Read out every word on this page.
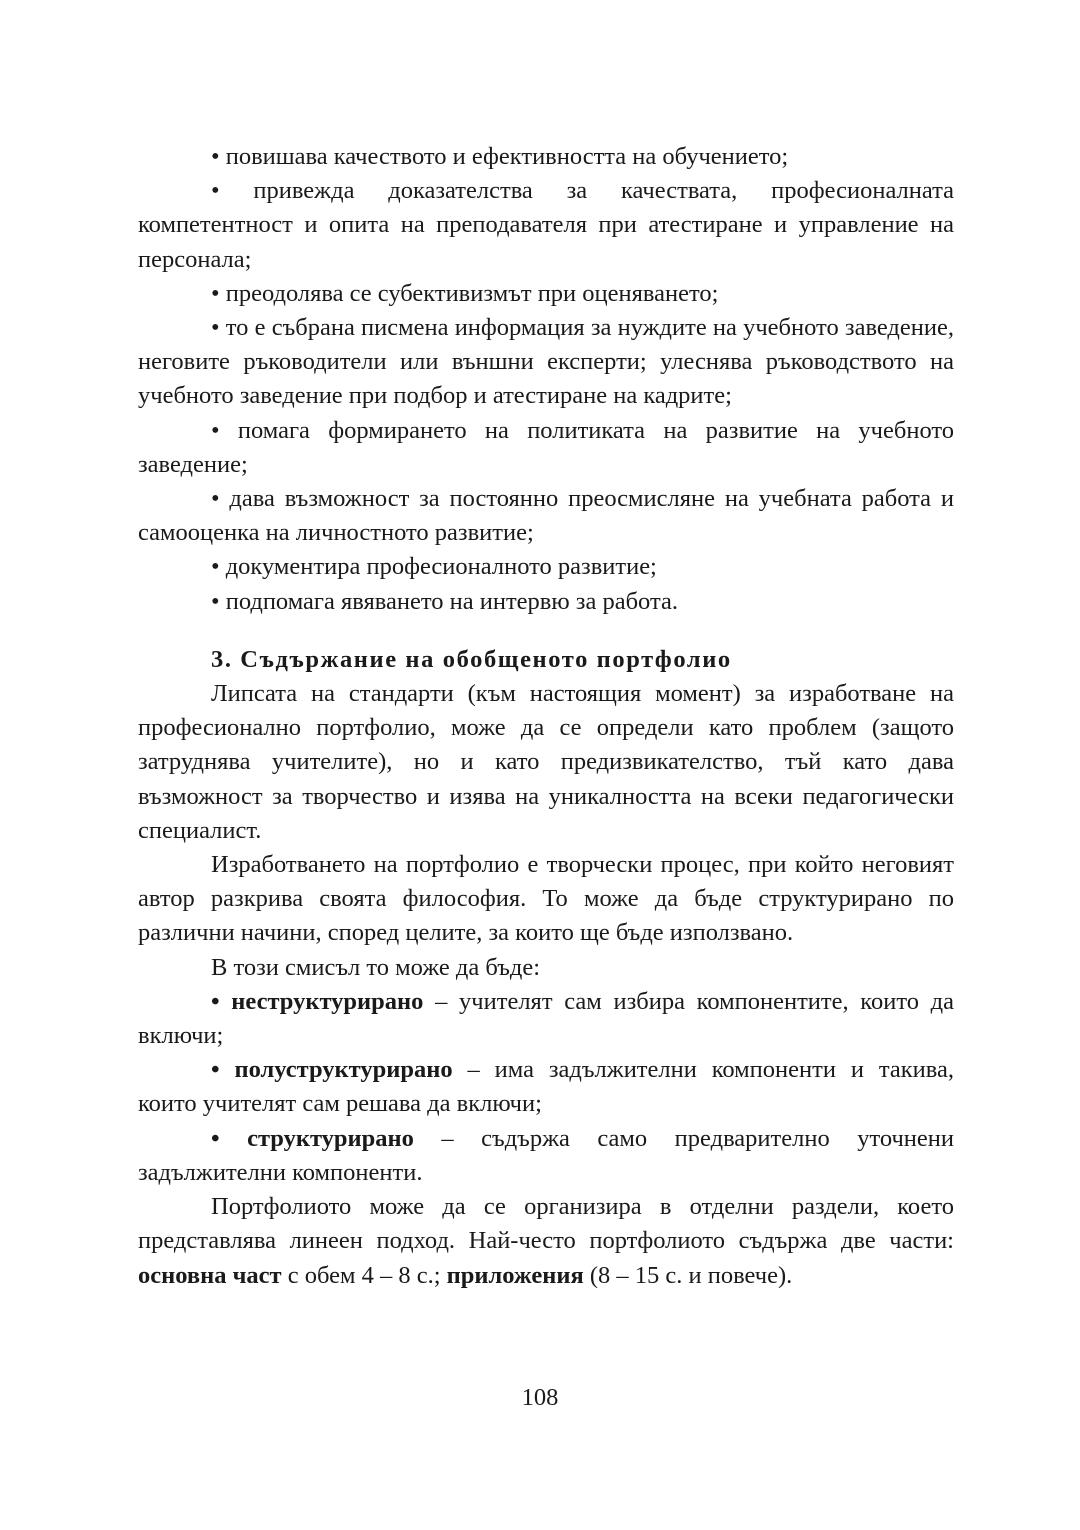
• повишава качеството и ефективността на обучението;

• привежда доказателства за качествата, професионалната компетентност и опита на преподавателя при атестиране и управление на персонала;

• преодолява се субективизмът при оценяването;

• то е събрана писмена информация за нуждите на учебното заведение, неговите ръководители или външни експерти; улеснява ръководството на учебното заведение при подбор и атестиране на кадрите;

• помага формирането на политиката на развитие на учебното заведение;

• дава възможност за постоянно преосмисляне на учебната работа и самооценка на личностното развитие;

• документира професионалното развитие;

• подпомага явяването на интервю за работа.

3. Съдържание на обобщеното портфолио

Липсата на стандарти (към настоящия момент) за изработване на професионално портфолио, може да се определи като проблем (защото затруднява учителите), но и като предизвикателство, тъй като дава възможност за творчество и изява на уникалността на всеки педагогически специалист.

Изработването на портфолио е творчески процес, при който неговият автор разкрива своята философия. То може да бъде структурирано по различни начини, според целите, за които ще бъде използвано.

В този смисъл то може да бъде:

• неструктурирано – учителят сам избира компонентите, които да включи;

• полуструктурирано – има задължителни компоненти и такива, които учителят сам решава да включи;

• структурирано – съдържа само предварително уточнени задължителни компоненти.

Портфолиото може да се организира в отделни раздели, което представлява линеен подход. Най-често портфолиото съдържа две части: основна част с обем 4 – 8 с.; приложения (8 – 15 с. и повече).

108
